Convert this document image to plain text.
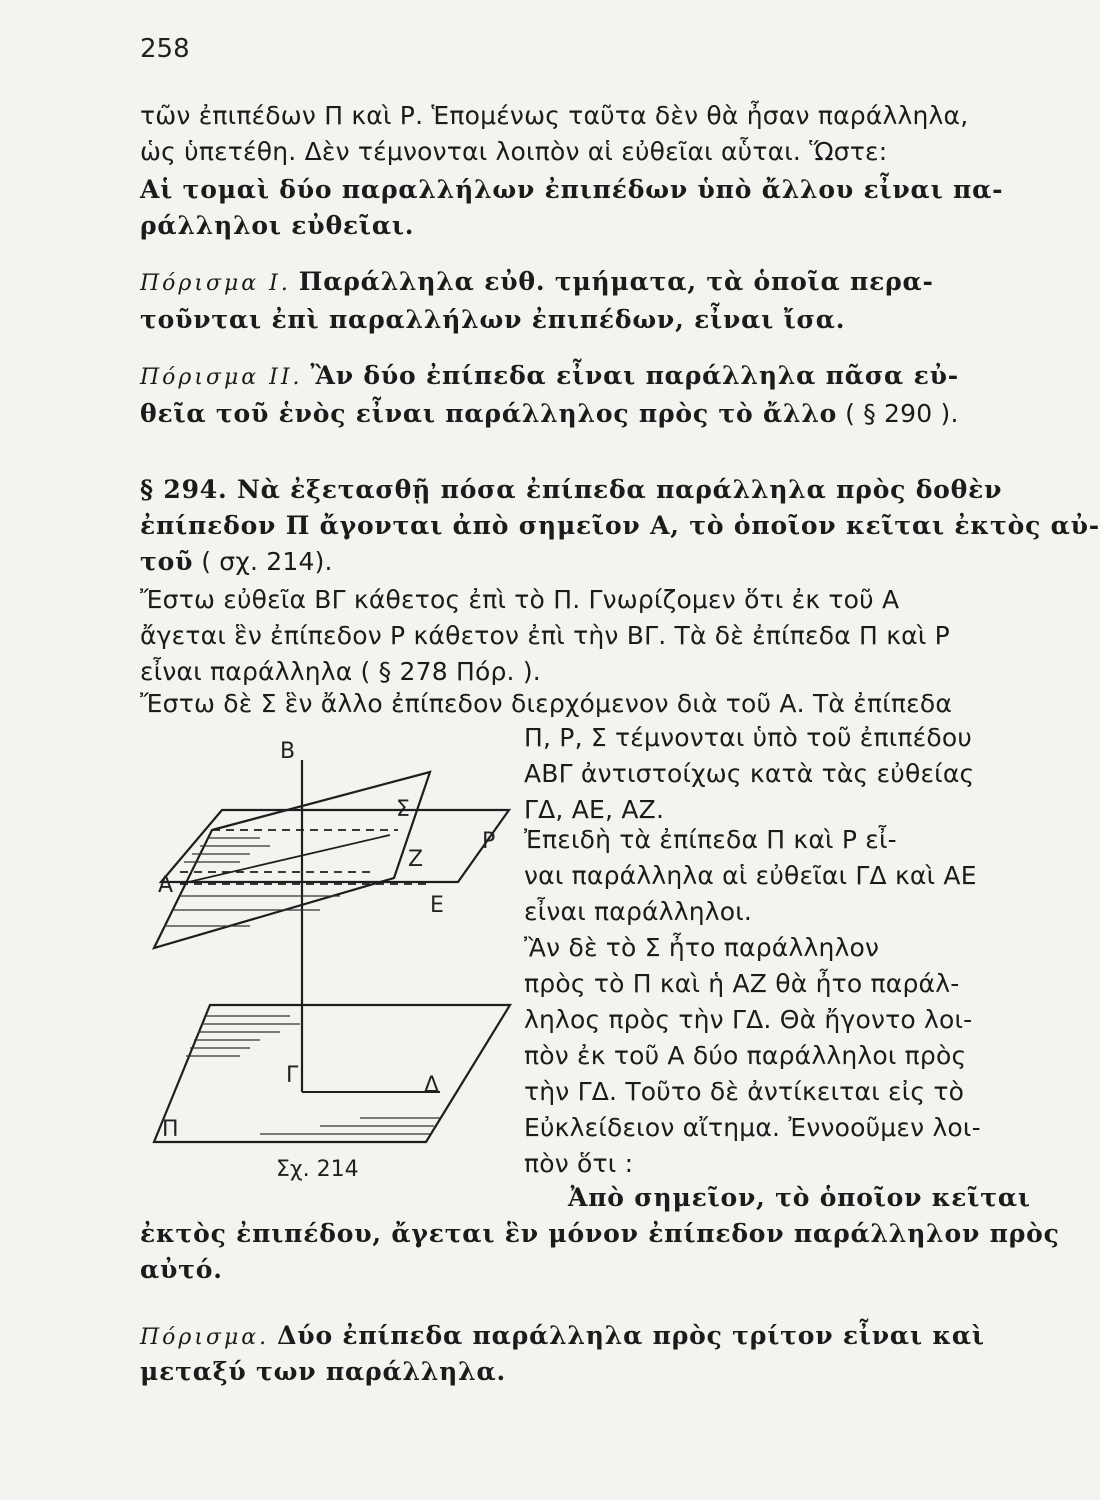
258
τῶν ἐπιπέδων Π καὶ Ρ. Ἑπομένως ταῦτα δὲν θὰ ἦσαν παράλληλα,
ὡς ὑπετέθη. Δὲν τέμνονται λοιπὸν αἱ εὐθεῖαι αὗται. Ὥστε:
Αἱ τομαὶ δύο παραλλήλων ἐπιπέδων ὑπὸ ἄλλου εἶναι πα-
ράλληλοι εὐθεῖαι.
Πόρισμα Ι. Παράλληλα εὐθ. τμήματα, τὰ ὁποῖα περα-
τοῦνται ἐπὶ παραλλήλων ἐπιπέδων, εἶναι ἴσα.
Πόρισμα ΙΙ. Ἂν δύο ἐπίπεδα εἶναι παράλληλα πᾶσα εὐ-
θεῖα τοῦ ἑνὸς εἶναι παράλληλος πρὸς τὸ ἄλλο ( § 290 ).
§ 294. Νὰ ἐξετασθῇ πόσα ἐπίπεδα παράλληλα πρὸς δοθὲν
ἐπίπεδον Π ἄγονται ἀπὸ σημεῖον Α, τὸ ὁποῖον κεῖται ἐκτὸς αὐ-
τοῦ ( σχ. 214).
Ἔστω εὐθεῖα ΒΓ κάθετος ἐπὶ τὸ Π. Γνωρίζομεν ὅτι ἐκ τοῦ Α
ἄγεται ἓν ἐπίπεδον Ρ κάθετον ἐπὶ τὴν ΒΓ. Τὰ δὲ ἐπίπεδα Π καὶ Ρ
εἶναι παράλληλα ( § 278 Πόρ. ).
Ἔστω δὲ Σ ἓν ἄλλο ἐπίπεδον διερχόμενον διὰ τοῦ Α. Τὰ ἐπίπεδα
Π, Ρ, Σ τέμνονται ὑπὸ τοῦ ἐπιπέδου
ΑΒΓ ἀντιστοίχως κατὰ τὰς εὐθείας
ΓΔ, ΑΕ, ΑΖ.
Ἐπειδὴ τὰ ἐπίπεδα Π καὶ Ρ εἶ-
ναι παράλληλα αἱ εὐθεῖαι ΓΔ καὶ ΑΕ
εἶναι παράλληλοι.
Ἂν δὲ τὸ Σ ἦτο παράλληλον
πρὸς τὸ Π καὶ ἡ ΑΖ θὰ ἦτο παράλ-
ληλος πρὸς τὴν ΓΔ. Θὰ ἤγοντο λοι-
πὸν ἐκ τοῦ Α δύο παράλληλοι πρὸς
τὴν ΓΔ. Τοῦτο δὲ ἀντίκειται εἰς τὸ
Εὐκλείδειον αἴτημα. Ἐννοοῦμεν λοι-
πὸν ὅτι :
Ἀπὸ σημεῖον, τὸ ὁποῖον κεῖται
ἐκτὸς ἐπιπέδου, ἄγεται ἓν μόνον ἐπίπεδον παράλληλον πρὸς
αὐτό.
Πόρισμα. Δύο ἐπίπεδα παράλληλα πρὸς τρίτον εἶναι καὶ
μεταξύ των παράλληλα.
B
Σ
Z
P
A
E
Γ	Δ
Π
Σχ. 214
